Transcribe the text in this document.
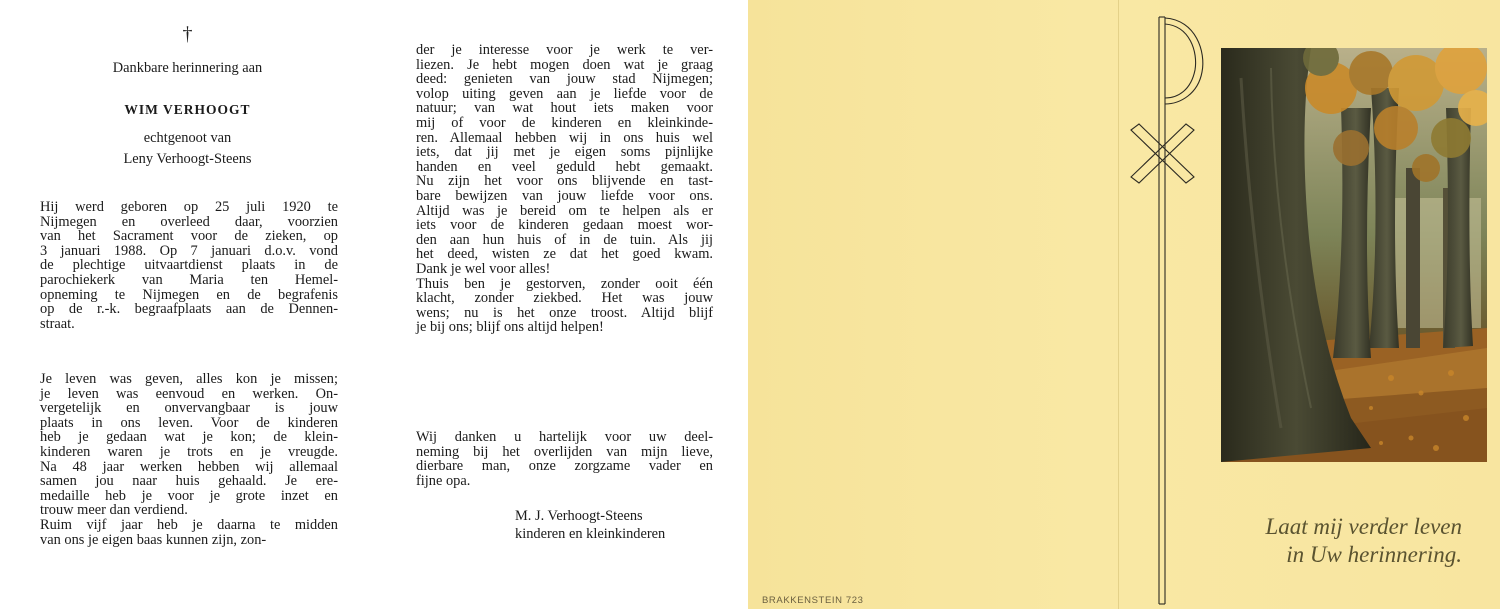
†
Dankbare herinnering aan
WIM VERHOOGT
echtgenoot van
Leny Verhoogt-Steens
Hij werd geboren op 25 juli 1920 te
Nijmegen en overleed daar, voorzien
van het Sacrament voor de zieken, op
3 januari 1988. Op 7 januari d.o.v. vond
de plechtige uitvaartdienst plaats in de
parochiekerk van Maria ten Hemel-
opneming te Nijmegen en de begrafenis
op de r.-k. begraafplaats aan de Dennen-
straat.
Je leven was geven, alles kon je missen;
je leven was eenvoud en werken. On-
vergetelijk en onvervangbaar is jouw
plaats in ons leven. Voor de kinderen
heb je gedaan wat je kon; de klein-
kinderen waren je trots en je vreugde.
Na 48 jaar werken hebben wij allemaal
samen jou naar huis gehaald. Je ere-
medaille heb je voor je grote inzet en
trouw meer dan verdiend.
Ruim vijf jaar heb je daarna te midden
van ons je eigen baas kunnen zijn, zon-
der je interesse voor je werk te ver-
liezen. Je hebt mogen doen wat je graag
deed: genieten van jouw stad Nijmegen;
volop uiting geven aan je liefde voor de
natuur; van wat hout iets maken voor
mij of voor de kinderen en kleinkinde-
ren. Allemaal hebben wij in ons huis wel
iets, dat jij met je eigen soms pijnlijke
handen en veel geduld hebt gemaakt.
Nu zijn het voor ons blijvende en tast-
bare bewijzen van jouw liefde voor ons.
Altijd was je bereid om te helpen als er
iets voor de kinderen gedaan moest wor-
den aan hun huis of in de tuin. Als jij
het deed, wisten ze dat het goed kwam.
Dank je wel voor alles!
Thuis ben je gestorven, zonder ooit één
klacht, zonder ziekbed. Het was jouw
wens; nu is het onze troost. Altijd blijf
je bij ons; blijf ons altijd helpen!
Wij danken u hartelijk voor uw deel-
neming bij het overlijden van mijn lieve,
dierbare man, onze zorgzame vader en
fijne opa.
M. J. Verhoogt-Steens
kinderen en kleinkinderen	Laat mij verder leven
in Uw herinnering.
BRAKKENSTEIN 723
